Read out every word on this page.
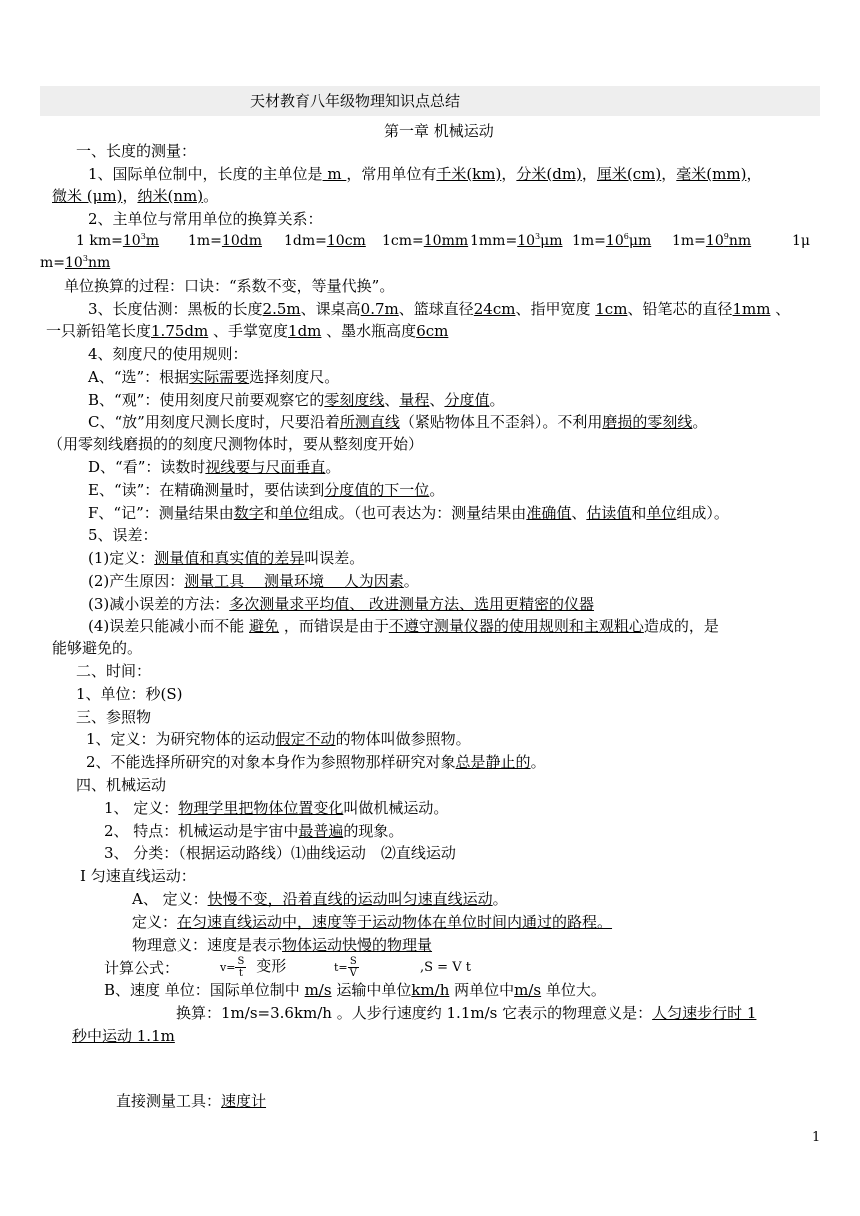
天材教育八年级物理知识点总结
第一章 机械运动
一、长度的测量：
1、国际单位制中，长度的主单位是 m ，常用单位有千米(km)，分米(dm)，厘米(cm)，毫米(mm)，
微米 (μm)，纳米(nm)。
2、主单位与常用单位的换算关系：
1 $km=10^3m$ 1m=10dm 1dm=10cm 1cm=10mm $1mm=10^3\mu m$ $1m=10^6\mu m$ $1m=10^9nm$	1μ
$m=10^3nm$
单位换算的过程：口诀：“系数不变，等量代换”。
3、长度估测：黑板的长度2.5m、课桌高0.7m、篮球直径24cm、指甲宽度 1cm、铅笔芯的直径1mm 、
一只新铅笔长度1.75dm 、手掌宽度1dm 、墨水瓶高度6cm
4、刻度尺的使用规则：
A、“选”：根据实际需要选择刻度尺。
B、“观”：使用刻度尺前要观察它的零刻度线、量程、分度值。
C、“放”用刻度尺测长度时，尺要沿着所测直线（紧贴物体且不歪斜）。不利用磨损的零刻线。
（用零刻线磨损的的刻度尺测物体时，要从整刻度开始）
D、“看”：读数时视线要与尺面垂直。
E、“读”：在精确测量时，要估读到分度值的下一位。
F、“记”：测量结果由数字和单位组成。（也可表达为：测量结果由准确值、估读值和单位组成）。
5、误差：
(1)定义：测量值和真实值的差异叫误差。
(2)产生原因：测量工具　 测量环境　 人为因素。
(3)减小误差的方法：多次测量求平均值、 改进测量方法、选用更精密的仪器
(4)误差只能减小而不能 避免 ，而错误是由于不遵守测量仪器的使用规则和主观粗心造成的，是
能够避免的。
二、时间：
1、单位：秒(S)
三、参照物
1、定义：为研究物体的运动假定不动的物体叫做参照物。
2、不能选择所研究的对象本身作为参照物那样研究对象总是静止的。
四、机械运动
1、 定义：物理学里把物体位置变化叫做机械运动。
2、 特点：机械运动是宇宙中最普遍的现象。
3、 分类：（根据运动路线）⑴曲线运动　⑵直线运动
Ⅰ 匀速直线运动：
A、 定义：快慢不变，沿着直线的运动叫匀速直线运动。
定义：在匀速直线运动中，速度等于运动物体在单位时间内通过的路程。
物理意义：速度是表示物体运动快慢的物理量
计算公式：	$v= \frac{S}{t}$ 变形	$t= \frac{S}{V}$	,S = V t
B、速度 单位：国际单位制中 m/s 运输中单位km/h 两单位中m/s 单位大。
换算：1m/s=3.6km/h 。人步行速度约 1.1m/s 它表示的物理意义是：人匀速步行时 1
秒中运动 1.1m
直接测量工具：速度计
1
